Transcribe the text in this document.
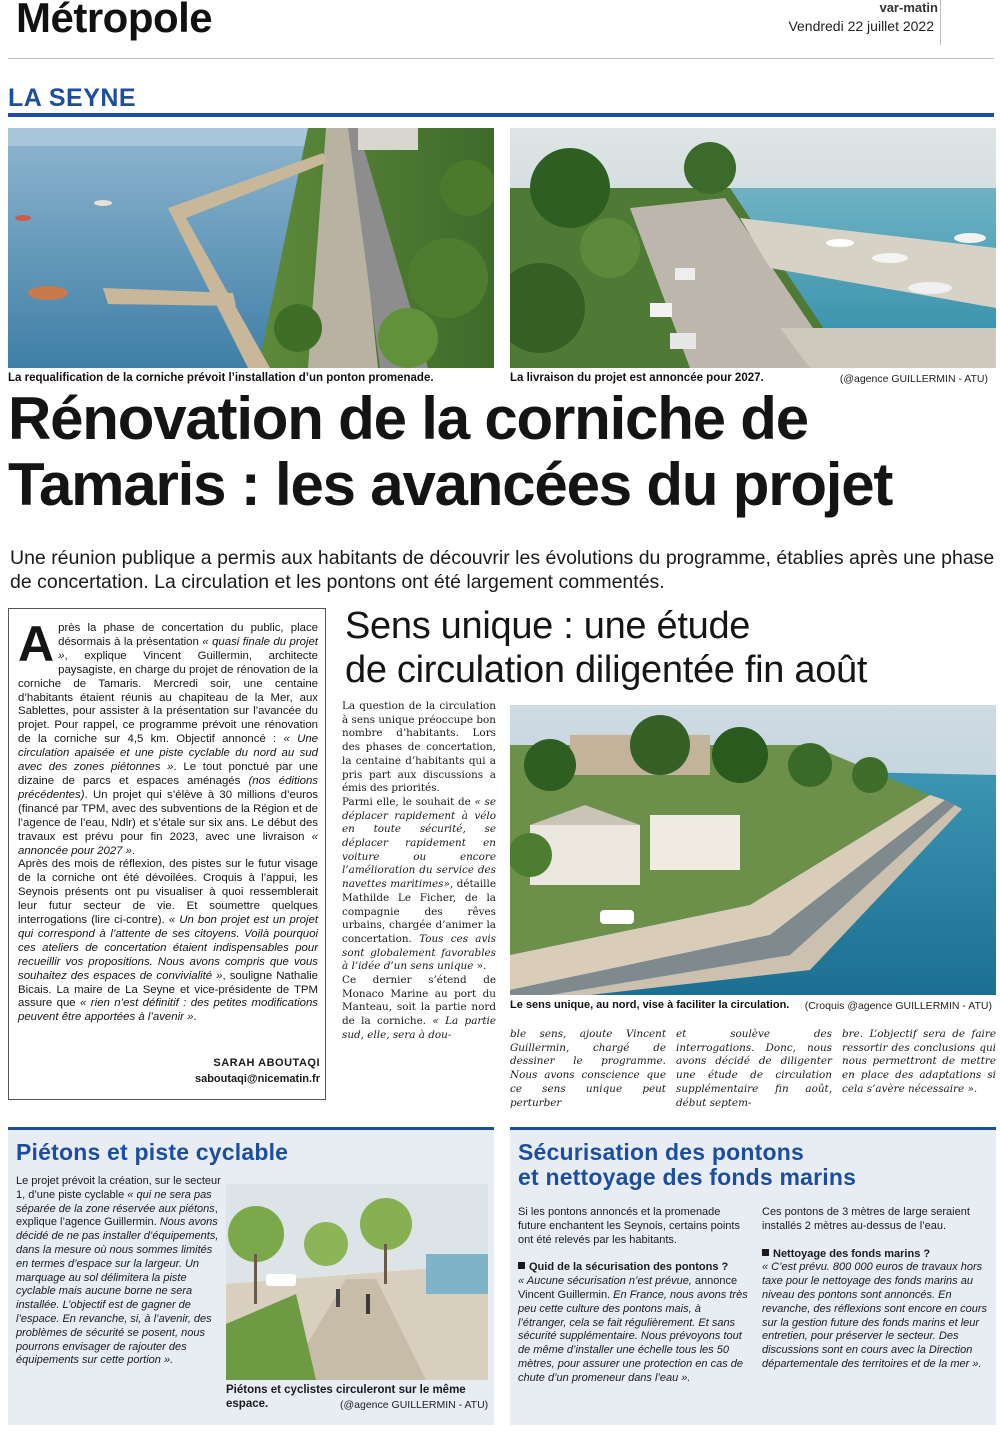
Métropole	var-matin
Vendredi 22 juillet 2022
LA SEYNE
La requalification de la corniche prévoit l’installation d’un ponton promenade.	La livraison du projet est annoncée pour 2027.	(@agence GUILLERMIN - ATU)
Rénovation de la corniche de
Tamaris : les avancées du projet
Une réunion publique a permis aux habitants de découvrir les évolutions du programme, établies après une phase de concertation. La circulation et les pontons ont été largement commentés.

Après la phase de concertation du public, place désormais à la présentation « quasi finale du projet », explique Vincent Guillermin, architecte paysagiste, en charge du projet de rénovation de la corniche de Tamaris. Mercredi soir, une centaine d’habitants étaient réunis au chapiteau de la Mer, aux Sablettes, pour assister à la présentation sur l’avancée du projet. Pour rappel, ce programme prévoit une rénovation de la corniche sur 4,5 km. Objectif annoncé : « Une circulation apaisée et une piste cyclable du nord au sud avec des zones piétonnes ». Le tout ponctué par une dizaine de parcs et espaces aménagés (nos éditions précédentes). Un projet qui s’élève à 30 millions d’euros (financé par TPM, avec des subventions de la Région et de l’agence de l’eau, Ndlr) et s’étale sur six ans. Le début des travaux est prévu pour fin 2023, avec une livraison « annoncée pour 2027 ».

Après des mois de réflexion, des pistes sur le futur visage de la corniche ont été dévoilées. Croquis à l’appui, les Seynois présents ont pu visualiser à quoi ressemblerait leur futur secteur de vie. Et soumettre quelques interrogations (lire ci-contre). « Un bon projet est un projet qui correspond à l’attente de ses citoyens. Voilà pourquoi ces ateliers de concertation étaient indispensables pour recueillir vos propositions. Nous avons compris que vous souhaitez des espaces de convivialité », souligne Nathalie Bicais. La maire de La Seyne et vice-présidente de TPM assure que « rien n’est définitif : des petites modifications peuvent être apportées à l’avenir ».

SARAH ABOUTAQI
saboutaqi@nicematin.fr
Sens unique : une étude
de circulation diligentée fin août

La question de la circulation à sens unique préoccupe bon nombre d’habitants. Lors des phases de concertation, la centaine d’habitants qui a pris part aux discussions a émis des priorités.

Parmi elle, le souhait de « se déplacer rapidement à vélo en toute sécurité, se déplacer rapidement en voiture ou encore l’amélioration du service des navettes maritimes», détaille Mathilde Le Ficher, de la compagnie des rêves urbains, chargée d’animer la concertation. Tous ces avis sont globalement favorables à l’idée d’un sens unique ».

Ce dernier s’étend de Monaco Marine au port du Manteau, soit la partie nord de la corniche. « La partie sud, elle, sera à dou-

Le sens unique, au nord, vise à faciliter la circulation. (Croquis @agence GUILLERMIN - ATU)

ble sens, ajoute Vincent Guillermin, chargé de dessiner le programme. Nous avons conscience que ce sens unique peut perturber

et soulève des interrogations. Donc, nous avons décidé de diligenter une étude de circulation supplémentaire fin août, début septem-

bre. L’objectif sera de faire ressortir des conclusions qui nous permettront de mettre en place des adaptations si cela s’avère nécessaire ».

Piétons et piste cyclable
Le projet prévoit la création, sur le secteur 1, d’une piste cyclable « qui ne sera pas séparée de la zone réservée aux piétons, explique l’agence Guillermin. Nous avons décidé de ne pas installer d’équipements, dans la mesure où nous sommes limités en termes d’espace sur la largeur. Un marquage au sol délimitera la piste cyclable mais aucune borne ne sera installée. L’objectif est de gagner de l’espace. En revanche, si, à l’avenir, des problèmes de sécurité se posent, nous pourrons envisager de rajouter des équipements sur cette portion ».
Piétons et cyclistes circuleront sur le même
espace.	(@agence GUILLERMIN - ATU)
Sécurisation des pontons
et nettoyage des fonds marins

Si les pontons annoncés et la promenade future enchantent les Seynois, certains points ont été relevés par les habitants.

Quid de la sécurisation des pontons ?

« Aucune sécurisation n’est prévue, annonce Vincent Guillermin. En France, nous avons très peu cette culture des pontons mais, à l’étranger, cela se fait régulièrement. Et sans sécurité supplémentaire. Nous prévoyons tout de même d’installer une échelle tous les 50 mètres, pour assurer une protection en cas de chute d’un promeneur dans l’eau ».

Ces pontons de 3 mètres de large seraient installés 2 mètres au-dessus de l’eau.

Nettoyage des fonds marins ?

« C’est prévu. 800 000 euros de travaux hors taxe pour le nettoyage des fonds marins au niveau des pontons sont annoncés. En revanche, des réflexions sont encore en cours sur la gestion future des fonds marins et leur entretien, pour préserver le secteur. Des discussions sont en cours avec la Direction départementale des territoires et de la mer ».
